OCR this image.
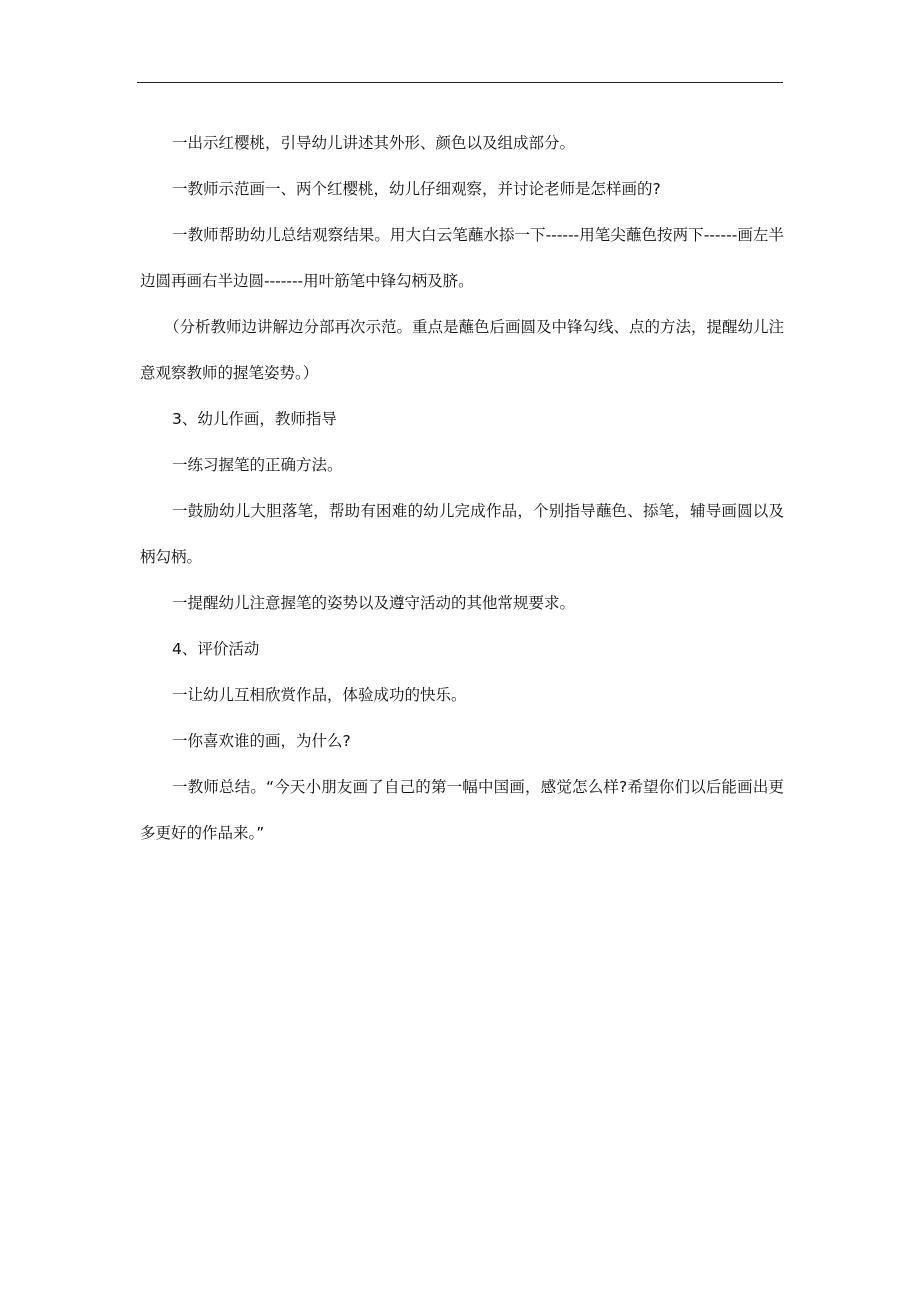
一出示红樱桃，引导幼儿讲述其外形、颜色以及组成部分。

一教师示范画一、两个红樱桃，幼儿仔细观察，并讨论老师是怎样画的?

一教师帮助幼儿总结观察结果。用大白云笔蘸水掭一下------用笔尖蘸色按两下------画左半边圆再画右半边圆-------用叶筋笔中锋勾柄及脐。

（分析教师边讲解边分部再次示范。重点是蘸色后画圆及中锋勾线、点的方法，提醒幼儿注意观察教师的握笔姿势。）

3、幼儿作画，教师指导

一练习握笔的正确方法。

一鼓励幼儿大胆落笔，帮助有困难的幼儿完成作品，个别指导蘸色、掭笔，辅导画圆以及柄勾柄。

一提醒幼儿注意握笔的姿势以及遵守活动的其他常规要求。

4、评价活动

一让幼儿互相欣赏作品，体验成功的快乐。

一你喜欢谁的画，为什么?

一教师总结。“今天小朋友画了自己的第一幅中国画，感觉怎么样?希望你们以后能画出更多更好的作品来。”
